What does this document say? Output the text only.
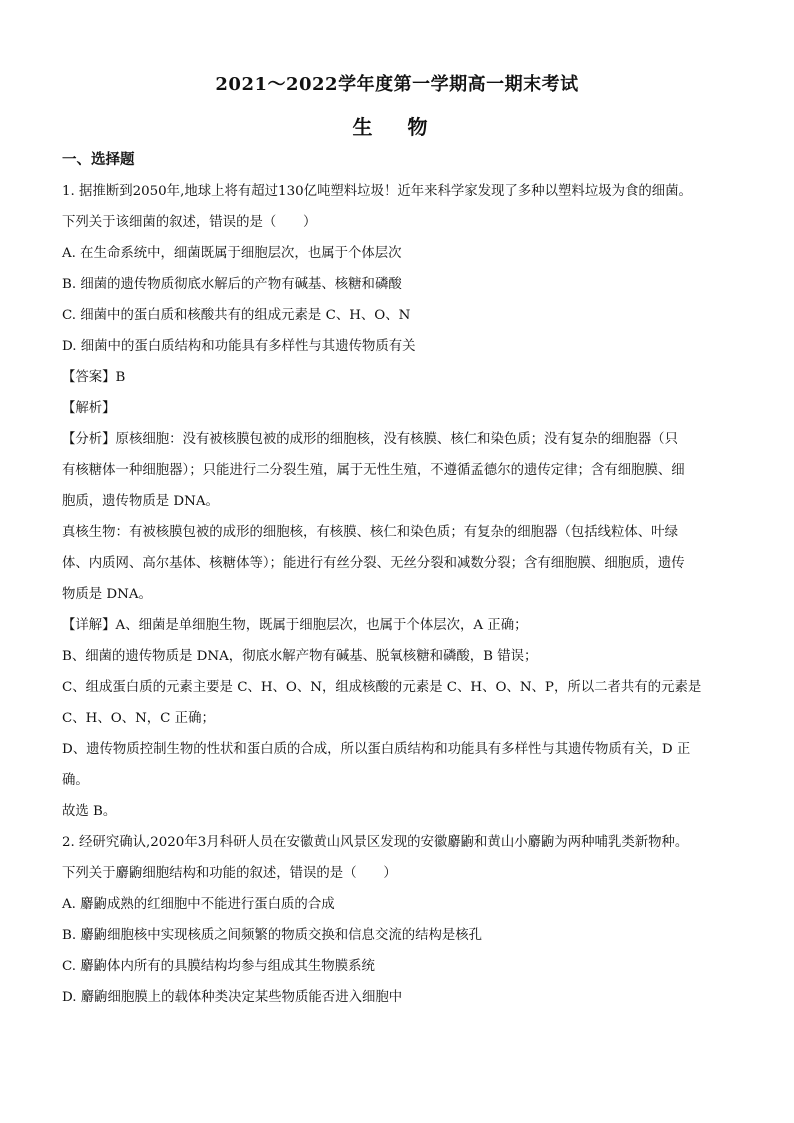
2021～2022学年度第一学期高一期末考试
生 物
一、选择题
1. 据推断到2050年,地球上将有超过130亿吨塑料垃圾！近年来科学家发现了多种以塑料垃圾为食的细菌。
下列关于该细菌的叙述，错误的是（　　）
A. 在生命系统中，细菌既属于细胞层次，也属于个体层次
B. 细菌的遗传物质彻底水解后的产物有碱基、核糖和磷酸
C. 细菌中的蛋白质和核酸共有的组成元素是 C、H、O、N
D. 细菌中的蛋白质结构和功能具有多样性与其遗传物质有关
【答案】B
【解析】
【分析】原核细胞：没有被核膜包被的成形的细胞核，没有核膜、核仁和染色质；没有复杂的细胞器（只
有核糖体一种细胞器）；只能进行二分裂生殖，属于无性生殖，不遵循孟德尔的遗传定律；含有细胞膜、细
胞质，遗传物质是 DNA。
真核生物：有被核膜包被的成形的细胞核，有核膜、核仁和染色质；有复杂的细胞器（包括线粒体、叶绿
体、内质网、高尔基体、核糖体等）；能进行有丝分裂、无丝分裂和减数分裂；含有细胞膜、细胞质，遗传
物质是 DNA。
【详解】A、细菌是单细胞生物，既属于细胞层次，也属于个体层次，A 正确；
B、细菌的遗传物质是 DNA，彻底水解产物有碱基、脱氧核糖和磷酸，B 错误；
C、组成蛋白质的元素主要是 C、H、O、N，组成核酸的元素是 C、H、O、N、P，所以二者共有的元素是
C、H、O、N，C 正确；
D、遗传物质控制生物的性状和蛋白质的合成，所以蛋白质结构和功能具有多样性与其遗传物质有关，D 正
确。
故选 B。
2. 经研究确认,2020年3月科研人员在安徽黄山风景区发现的安徽麝鼩和黄山小麝鼩为两种哺乳类新物种。
下列关于麝鼩细胞结构和功能的叙述，错误的是（　　）
A. 麝鼩成熟的红细胞中不能进行蛋白质的合成
B. 麝鼩细胞核中实现核质之间频繁的物质交换和信息交流的结构是核孔
C. 麝鼩体内所有的具膜结构均参与组成其生物膜系统
D. 麝鼩细胞膜上的载体种类决定某些物质能否进入细胞中
